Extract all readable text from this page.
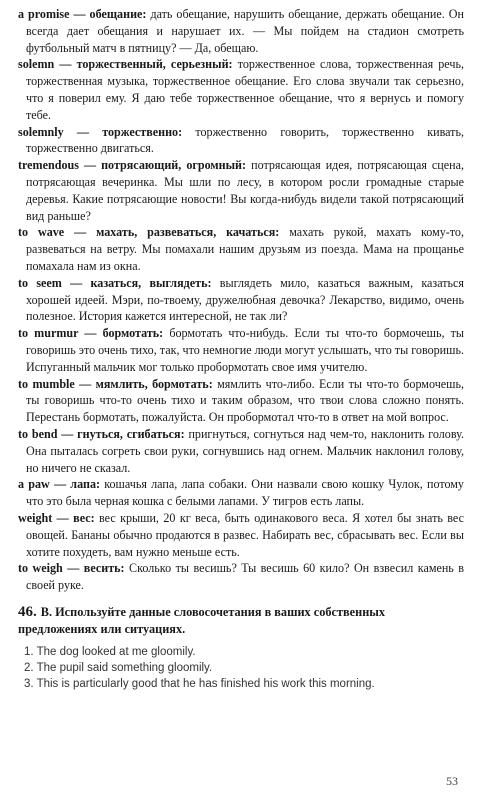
a promise — обещание: дать обещание, нарушить обещание, держать обещание. Он всегда дает обещания и нарушает их. — Мы пойдем на стадион смотреть футбольный матч в пятницу? — Да, обещаю.

solemn — торжественный, серьезный: торжественное слова, торжественная речь, торжественная музыка, торжественное обещание. Его слова звучали так серьезно, что я поверил ему. Я даю тебе торжественное обещание, что я вернусь и помогу тебе.

solemnly — торжественно: торжественно говорить, торжественно кивать, торжественно двигаться.

tremendous — потрясающий, огромный: потрясающая идея, потрясающая сцена, потрясающая вечеринка. Мы шли по лесу, в котором росли громадные старые деревья. Какие потрясающие новости! Вы когда-нибудь видели такой потрясающий вид раньше?

to wave — махать, развеваться, качаться: махать рукой, махать кому-то, развеваться на ветру. Мы помахали нашим друзьям из поезда. Мама на прощанье помахала нам из окна.

to seem — казаться, выглядеть: выглядеть мило, казаться важным, казаться хорошей идеей. Мэри, по-твоему, дружелюбная девочка? Лекарство, видимо, очень полезное. История кажется интересной, не так ли?

to murmur — бормотать: бормотать что-нибудь. Если ты что-то бормочешь, ты говоришь это очень тихо, так, что немногие люди могут услышать, что ты говоришь. Испуганный мальчик мог только пробормотать свое имя учителю.

to mumble — мямлить, бормотать: мямлить что-либо. Если ты что-то бормочешь, ты говоришь что-то очень тихо и таким образом, что твои слова сложно понять. Перестань бормотать, пожалуйста. Он пробормотал что-то в ответ на мой вопрос.

to bend — гнуться, сгибаться: пригнуться, согнуться над чем-то, наклонить голову. Она пыталась согреть свои руки, согнувшись над огнем. Мальчик наклонил голову, но ничего не сказал.

a paw — лапа: кошачья лапа, лапа собаки. Они назвали свою кошку Чулок, потому что это была черная кошка с белыми лапами. У тигров есть лапы.

weight — вес: вес крыши, 20 кг веса, быть одинакового веса. Я хотел бы знать вес овощей. Бананы обычно продаются в развес. Набирать вес, сбрасывать вес. Если вы хотите похудеть, вам нужно меньше есть.

to weigh — весить: Сколько ты весишь? Ты весишь 60 кило? Он взвесил камень в своей руке.

46. B. Используйте данные словосочетания в ваших собственных предложениях или ситуациях.

1. The dog looked at me gloomily.
2. The pupil said something gloomily.
3. This is particularly good that he has finished his work this morning.
53
